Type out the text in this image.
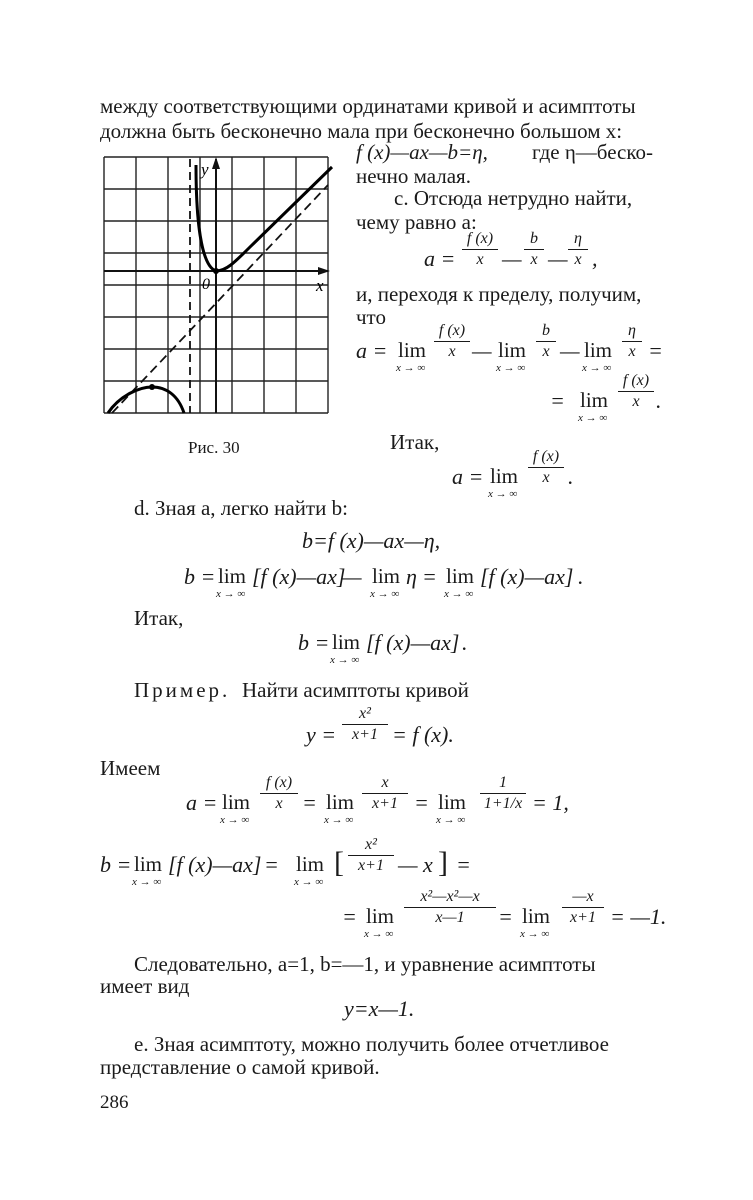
между соответствующими ординатами кривой и асимптоты
должна быть бесконечно мала при бесконечно большом x:
y
x
0
Рис. 30
f (x)—ax—b=η, где η—беско-
нечно малая.
c. Отсюда нетрудно найти,
чему равно a:
a =
f (x)
x —
b
x —
η
x ,
и, переходя к пределу, получим,
что
a = lim
x → ∞
f (x)
x — lim
x → ∞
b
x — lim
x → ∞
η
x =
= lim
x → ∞
f (x)
x .
Итак,
a = lim
x → ∞
f (x)
x .
d. Зная a, легко найти b:
b=f (x)—ax—η,
b = lim
x → ∞
[f (x)—ax]
— lim
x → ∞
η = lim
x → ∞
[f (x)—ax] .
Итак,
b = lim
x → ∞
[f (x)—ax] .
Пример. Найти асимптоты кривой
y =
x²
x+1 = f (x).
Имеем
a = lim
x → ∞
f (x)
x = lim
x → ∞
x
x+1 = lim
x → ∞
1
1+1/x = 1,
b = lim
x → ∞
[f (x)—ax] = lim
x → ∞
[
x²
x+1 — x ] =
= lim
x → ∞
x²—x²—x
x—1	= lim
x → ∞
—x
x+1 = —1.
Следовательно, a=1, b=—1, и уравнение асимптоты
имеет вид
y=x—1.
e. Зная асимптоту, можно получить более отчетливое
представление о самой кривой.
286
